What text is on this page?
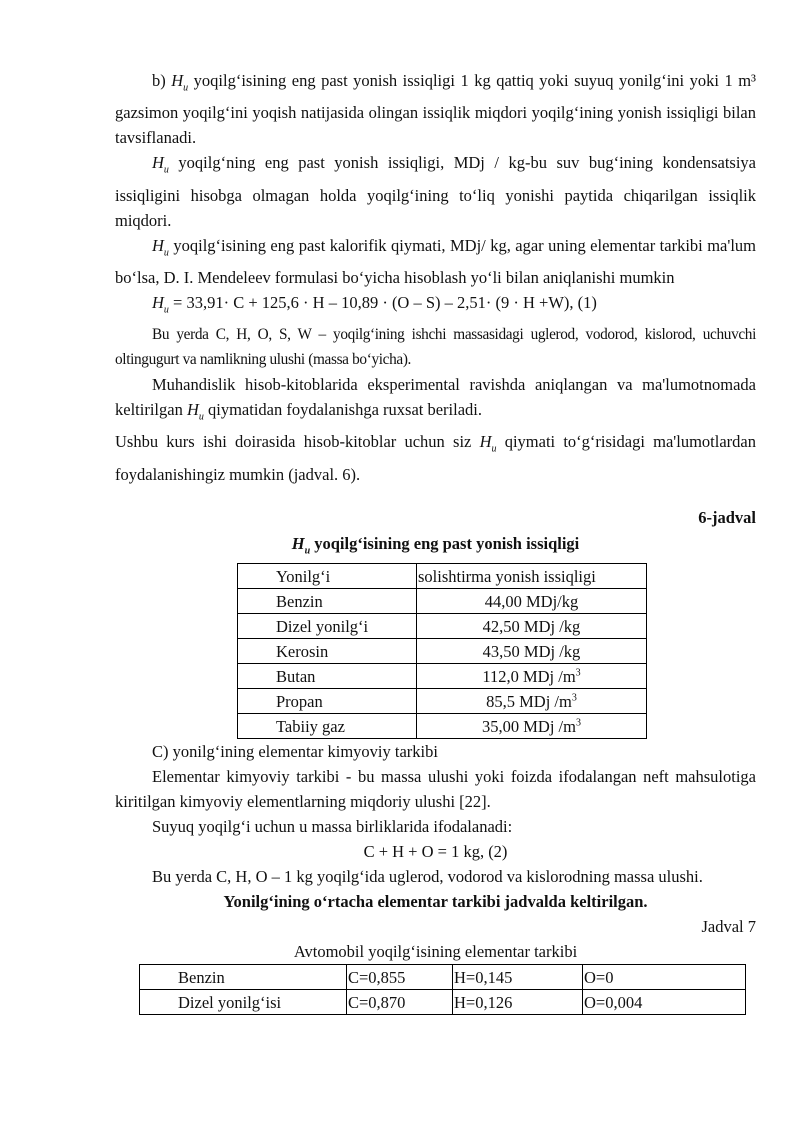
b) $H_u$ yoqilg‘isining eng past yonish issiqligi 1 kg qattiq yoki suyuq yonilg‘ini yoki 1 m³ gazsimon yoqilg‘ini yoqish natijasida olingan issiqlik miqdori yoqilg‘ining yonish issiqligi bilan tavsiflanadi.

$H_u$ yoqilg‘ning eng past yonish issiqligi, MDj / kg-bu suv bug‘ining kondensatsiya issiqligini hisobga olmagan holda yoqilg‘ining to‘liq yonishi paytida chiqarilgan issiqlik miqdori.

$H_u$ yoqilg‘isining eng past kalorifik qiymati, MDj/ kg, agar uning elementar tarkibi ma'lum bo‘lsa, D. I. Mendeleev formulasi bo‘yicha hisoblash yo‘li bilan aniqlanishi mumkin

$H_u = 33,91\cdot C + 125,6 \cdot H - 10,89 \cdot (O - S) - 2,51\cdot (9 \cdot H +W)$, (1)

Bu yerda C, H, O, S, W – yoqilg‘ining ishchi massasidagi uglerod, vodorod, kislorod, uchuvchi oltingugurt va namlikning ulushi (massa bo‘yicha).

Muhandislik hisob-kitoblarida eksperimental ravishda aniqlangan va ma'lumotnomada keltirilgan $H_u$ qiymatidan foydalanishga ruxsat beriladi.

Ushbu kurs ishi doirasida hisob-kitoblar uchun siz $H_u$ qiymati to‘g‘risidagi ma'lumotlardan foydalanishingiz mumkin (jadval. 6).

6-jadval

$H_u$ yoqilg‘isining eng past yonish issiqligi

Yonilg‘i	solishtirma yonish issiqligi
Benzin	44,00 MDj/kg
Dizel yonilg‘i	42,50 MDj /kg
Kerosin	43,50 MDj /kg
Butan	112,0 MDj $/m^3$
Propan	85,5 MDj $/m^3$
Tabiiy gaz	35,00 MDj $/m^3$

C) yonilg‘ining elementar kimyoviy tarkibi

Elementar kimyoviy tarkibi - bu massa ulushi yoki foizda ifodalangan neft mahsulotiga kiritilgan kimyoviy elementlarning miqdoriy ulushi [22].

Suyuq yoqilg‘i uchun u massa birliklarida ifodalanadi:

C + H + O = 1 kg, (2)

Bu yerda C, H, O – 1 kg yoqilg‘ida uglerod, vodorod va kislorodning massa ulushi.

Yonilg‘ining o‘rtacha elementar tarkibi jadvalda keltirilgan.

Jadval 7

Avtomobil yoqilg‘isining elementar tarkibi

Benzin	C=0,855	H=0,145	O=0
Dizel yonilg‘isi	C=0,870	H=0,126	O=0,004
